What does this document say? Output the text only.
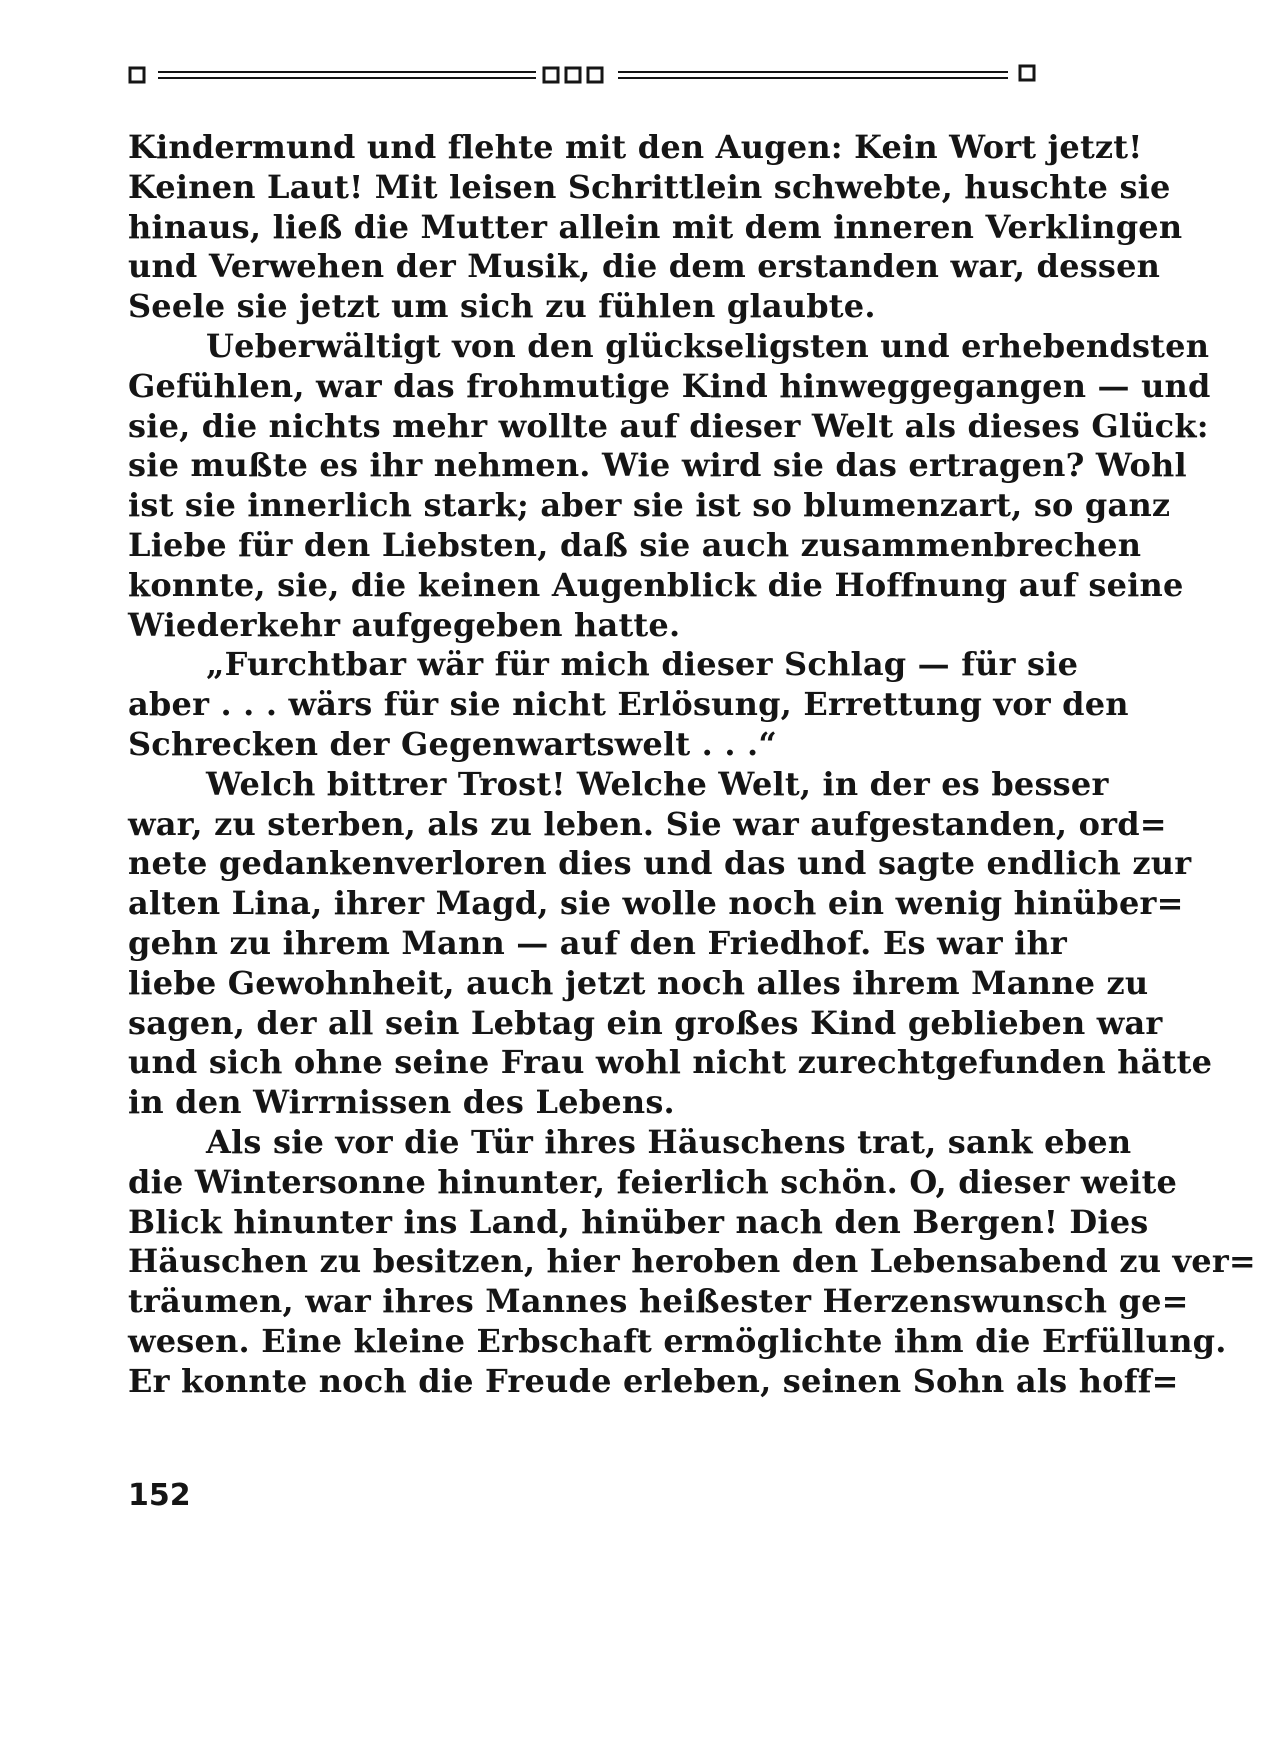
Kindermund und flehte mit den Augen: Kein Wort jetzt!
Keinen Laut! Mit leisen Schrittlein schwebte, huschte sie
hinaus, ließ die Mutter allein mit dem inneren Verklingen
und Verwehen der Musik, die dem erstanden war, dessen
Seele sie jetzt um sich zu fühlen glaubte.
Ueberwältigt von den glückseligsten und erhebendsten
Gefühlen, war das frohmutige Kind hinweggegangen — und
sie, die nichts mehr wollte auf dieser Welt als dieses Glück:
sie mußte es ihr nehmen. Wie wird sie das ertragen? Wohl
ist sie innerlich stark; aber sie ist so blumenzart, so ganz
Liebe für den Liebsten, daß sie auch zusammenbrechen
konnte, sie, die keinen Augenblick die Hoffnung auf seine
Wiederkehr aufgegeben hatte.
„Furchtbar wär für mich dieser Schlag — für sie
aber . . . wärs für sie nicht Erlösung, Errettung vor den
Schrecken der Gegenwartswelt . . .“
Welch bittrer Trost! Welche Welt, in der es besser
war, zu sterben, als zu leben. Sie war aufgestanden, ord=
nete gedankenverloren dies und das und sagte endlich zur
alten Lina, ihrer Magd, sie wolle noch ein wenig hinüber=
gehn zu ihrem Mann — auf den Friedhof. Es war ihr
liebe Gewohnheit, auch jetzt noch alles ihrem Manne zu
sagen, der all sein Lebtag ein großes Kind geblieben war
und sich ohne seine Frau wohl nicht zurechtgefunden hätte
in den Wirrnissen des Lebens.
Als sie vor die Tür ihres Häuschens trat, sank eben
die Wintersonne hinunter, feierlich schön. O, dieser weite
Blick hinunter ins Land, hinüber nach den Bergen! Dies
Häuschen zu besitzen, hier heroben den Lebensabend zu ver=
träumen, war ihres Mannes heißester Herzenswunsch ge=
wesen. Eine kleine Erbschaft ermöglichte ihm die Erfüllung.
Er konnte noch die Freude erleben, seinen Sohn als hoff=
152
